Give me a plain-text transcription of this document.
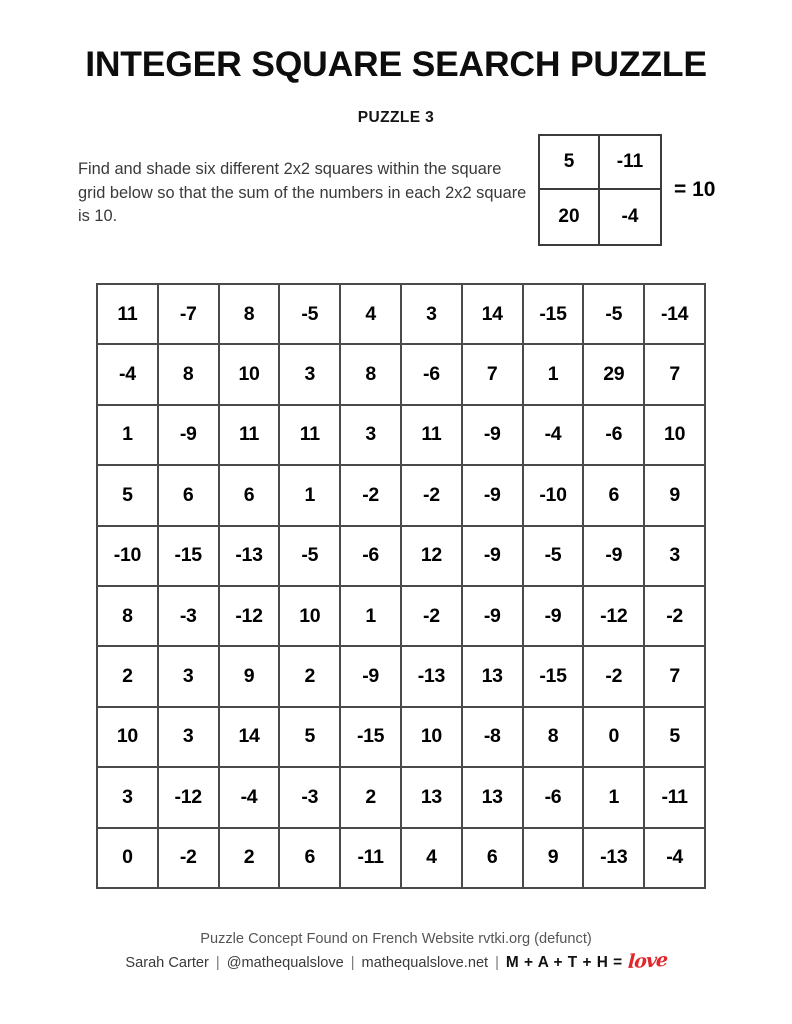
INTEGER SQUARE SEARCH PUZZLE
PUZZLE 3
Find and shade six different 2x2 squares within the square grid below so that the sum of the numbers in each 2x2 square is 10.
5	-11
20	-4
= 10
11	-7	8	-5	4	3	14	-15	-5	-14
-4	8	10	3	8	-6	7	1	29	7
1	-9	11	11	3	11	-9	-4	-6	10
5	6	6	1	-2	-2	-9	-10	6	9
-10	-15	-13	-5	-6	12	-9	-5	-9	3
8	-3	-12	10	1	-2	-9	-9	-12	-2
2	3	9	2	-9	-13	13	-15	-2	7
10	3	14	5	-15	10	-8	8	0	5
3	-12	-4	-3	2	13	13	-6	1	-11
0	-2	2	6	-11	4	6	9	-13	-4
Puzzle Concept Found on French Website rvtki.org (defunct)
Sarah Carter | @mathequalslove | mathequalslove.net | M + A + T + H = love
